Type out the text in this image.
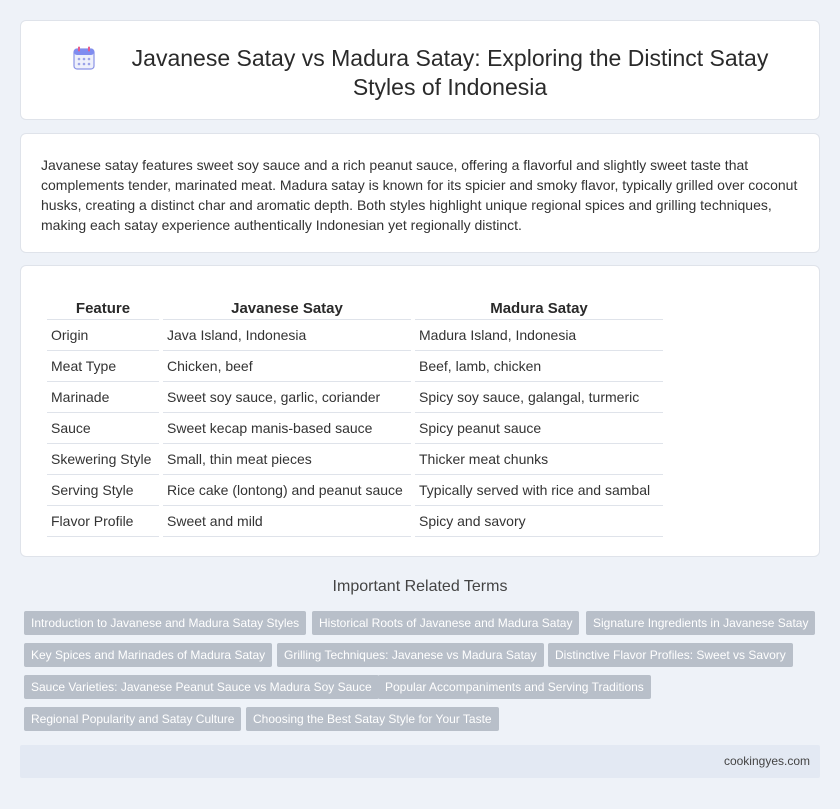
Javanese Satay vs Madura Satay: Exploring the Distinct Satay Styles of Indonesia

Javanese satay features sweet soy sauce and a rich peanut sauce, offering a flavorful and slightly sweet taste that complements tender, marinated meat. Madura satay is known for its spicier and smoky flavor, typically grilled over coconut husks, creating a distinct char and aromatic depth. Both styles highlight unique regional spices and grilling techniques, making each satay experience authentically Indonesian yet regionally distinct.

Feature	Javanese Satay	Madura Satay
Origin	Java Island, Indonesia	Madura Island, Indonesia
Meat Type	Chicken, beef	Beef, lamb, chicken
Marinade	Sweet soy sauce, garlic, coriander	Spicy soy sauce, galangal, turmeric
Sauce	Sweet kecap manis-based sauce	Spicy peanut sauce
Skewering Style	Small, thin meat pieces	Thicker meat chunks
Serving Style	Rice cake (lontong) and peanut sauce	Typically served with rice and sambal
Flavor Profile	Sweet and mild	Spicy and savory
Important Related Terms
Introduction to Javanese and Madura Satay Styles	Historical Roots of Javanese and Madura Satay	Signature Ingredients in Javanese Satay
Key Spices and Marinades of Madura Satay	Grilling Techniques: Javanese vs Madura Satay	Distinctive Flavor Profiles: Sweet vs Savory
Sauce Varieties: Javanese Peanut Sauce vs Madura Soy Sauce	Popular Accompaniments and Serving Traditions
Regional Popularity and Satay Culture	Choosing the Best Satay Style for Your Taste
cookingyes.com
